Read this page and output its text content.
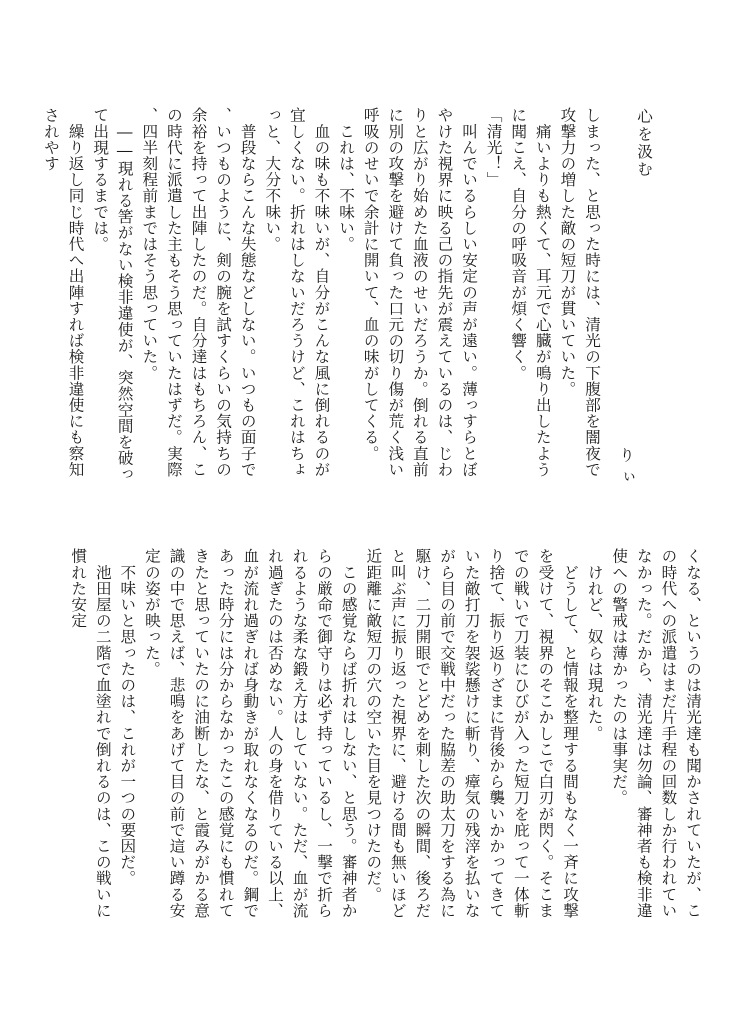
心を汲む
りぃ
しまった、と思った時には、清光の下腹部を闇夜で攻撃力の増した敵の短刀が貫いていた。
　痛いよりも熱くて、耳元で心臓が鳴り出したように聞こえ、自分の呼吸音が煩く響く。
「清光！」
　叫んでいるらしい安定の声が遠い。薄っすらとぼやけた視界に映る己の指先が震えているのは、じわりと広がり始めた血液のせいだろうか。倒れる直前に別の攻撃を避けて負った口元の切り傷が荒く浅い呼吸のせいで余計に開いて、血の味がしてくる。
　これは、不味い。
　血の味も不味いが、自分がこんな風に倒れるのが宜しくない。折れはしないだろうけど、これはちょっと、大分不味い。
　普段ならこんな失態などしない。いつもの面子で、いつものように、剣の腕を試すくらいの気持ちの余裕を持って出陣したのだ。自分達はもちろん、この時代に派遣した主もそう思っていたはずだ。実際、四半刻程前まではそう思っていた。
　――現れる筈がない検非違使が、突然空間を破って出現するまでは。
　繰り返し同じ時代へ出陣すれば検非違使にも察知されやす
くなる、というのは清光達も聞かされていたが、この時代への派遣はまだ片手程の回数しか行われていなかった。だから、清光達は勿論、審神者も検非違使への警戒は薄かったのは事実だ。
　けれど、奴らは現れた。
　どうして、と情報を整理する間もなく一斉に攻撃を受けて、視界のそこかしこで白刃が閃く。そこまでの戦いで刀装にひびが入った短刀を庇って一体斬り捨て、振り返りざまに背後から襲いかかってきていた敵打刀を袈裟懸けに斬り、瘴気の残滓を払いながら目の前で交戦中だった脇差の助太刀をする為に駆け、二刀開眼でとどめを刺した次の瞬間、後ろだと叫ぶ声に振り返った視界に、避ける間も無いほど近距離に敵短刀の穴の空いた目を見つけたのだ。
　この感覚ならば折れはしない、と思う。審神者からの厳命で御守りは必ず持っているし、一撃で折られるような柔な鍛え方はしていない。ただ、血が流れ過ぎたのは否めない。人の身を借りている以上、血が流れ過ぎれば身動きが取れなくなるのだ。鋼であった時分には分からなかったこの感覚にも慣れてきたと思っていたのに油断したな、と霞みがかる意識の中で思えば、悲鳴をあげて目の前で這い蹲る安定の姿が映った。
　不味いと思ったのは、これが一つの要因だ。
　池田屋の二階で血塗れで倒れるのは、この戦いに慣れた安定
